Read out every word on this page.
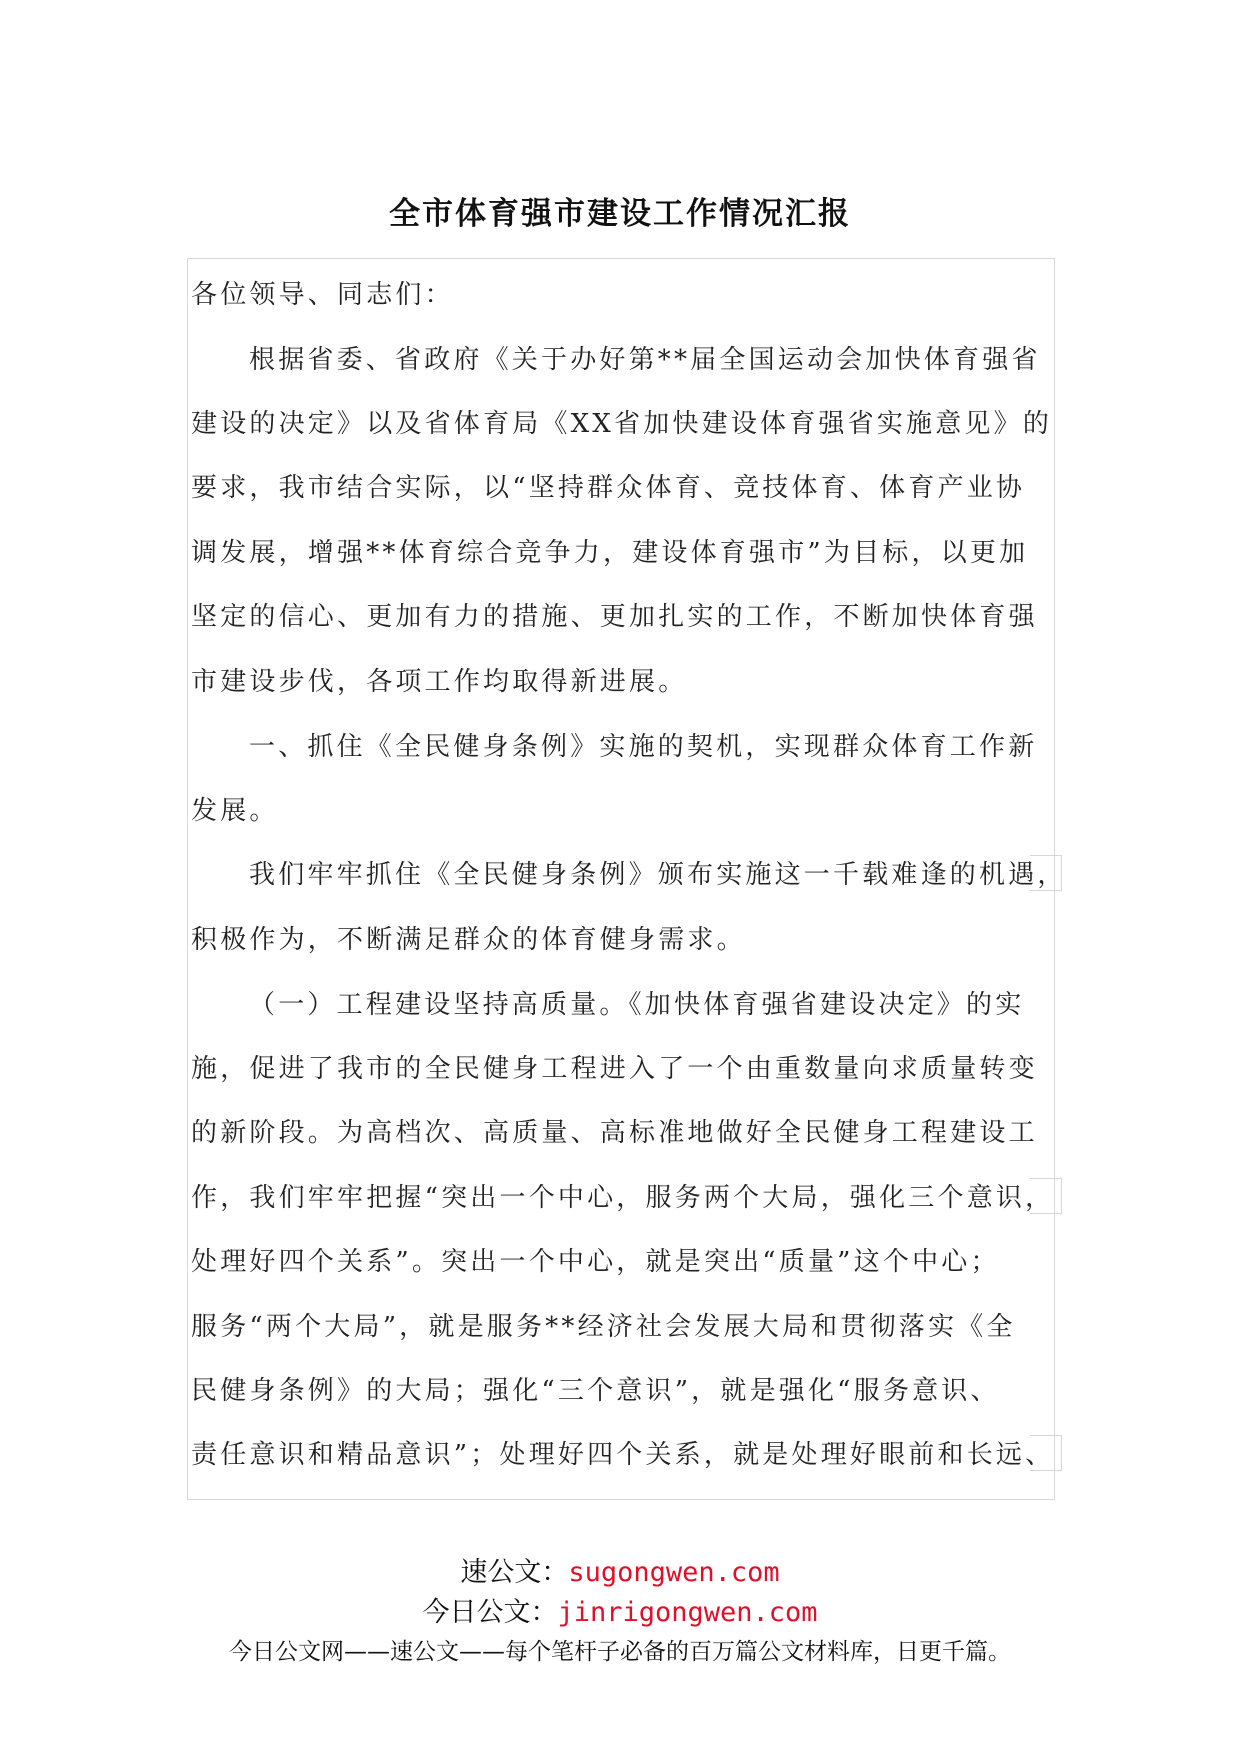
全市体育强市建设工作情况汇报
各位领导、同志们：
根据省委、省政府《关于办好第**届全国运动会加快体育强省
建设的决定》以及省体育局《XX省加快建设体育强省实施意见》的
要求，我市结合实际，以“坚持群众体育、竞技体育、体育产业协
调发展，增强**体育综合竞争力，建设体育强市”为目标，以更加
坚定的信心、更加有力的措施、更加扎实的工作，不断加快体育强
市建设步伐，各项工作均取得新进展。
一、抓住《全民健身条例》实施的契机，实现群众体育工作新
发展。
我们牢牢抓住《全民健身条例》颁布实施这一千载难逢的机遇，
积极作为，不断满足群众的体育健身需求。
（一）工程建设坚持高质量。《加快体育强省建设决定》的实
施，促进了我市的全民健身工程进入了一个由重数量向求质量转变
的新阶段。为高档次、高质量、高标准地做好全民健身工程建设工
作，我们牢牢把握“突出一个中心，服务两个大局，强化三个意识，
处理好四个关系”。突出一个中心，就是突出“质量”这个中心；
服务“两个大局”，就是服务**经济社会发展大局和贯彻落实《全
民健身条例》的大局；强化“三个意识”，就是强化“服务意识、
责任意识和精品意识”；处理好四个关系，就是处理好眼前和长远、
速公文：sugongwen.com
今日公文：jinrigongwen.com
今日公文网——速公文——每个笔杆子必备的百万篇公文材料库，日更千篇。
